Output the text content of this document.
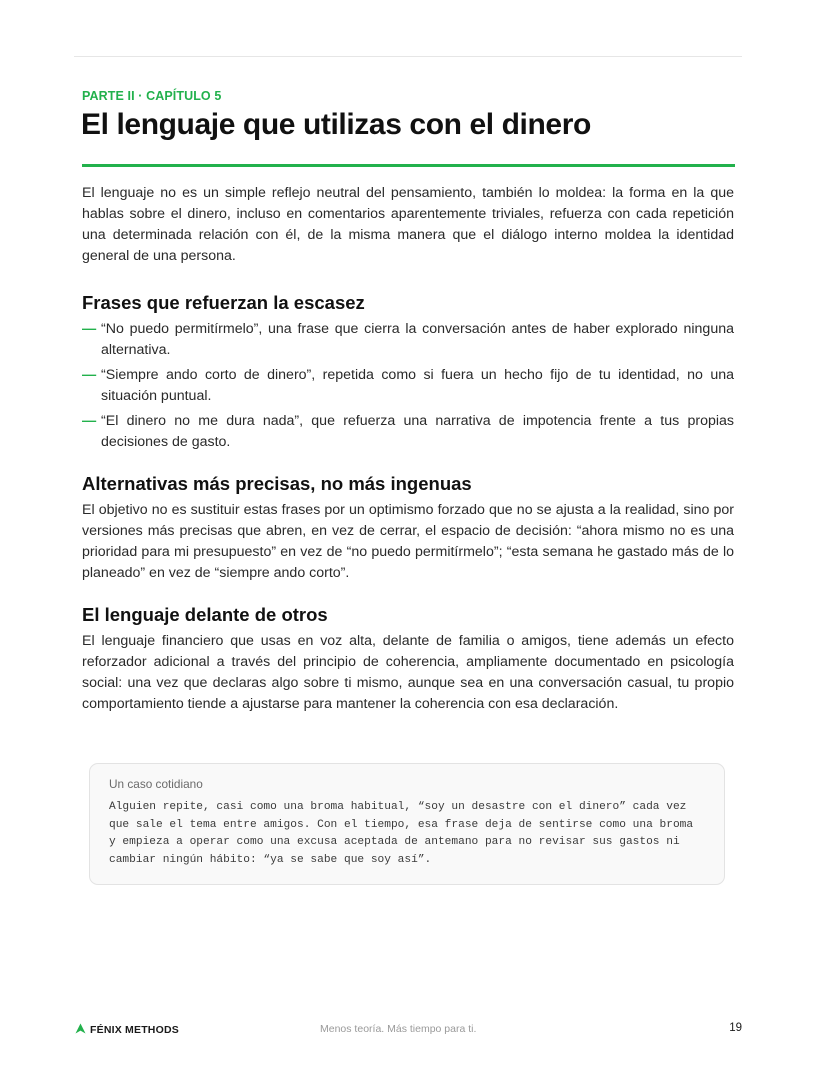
PARTE II · CAPÍTULO 5
El lenguaje que utilizas con el dinero

El lenguaje no es un simple reflejo neutral del pensamiento, también lo moldea: la forma en la que hablas sobre el dinero, incluso en comentarios aparentemente triviales, refuerza con cada repetición una determinada relación con él, de la misma manera que el diálogo interno moldea la identidad general de una persona.

Frases que refuerzan la escasez
— “No puedo permitírmelo”, una frase que cierra la conversación antes de haber explorado ninguna alternativa.
— “Siempre ando corto de dinero”, repetida como si fuera un hecho fijo de tu identidad, no una situación puntual.
— “El dinero no me dura nada”, que refuerza una narrativa de impotencia frente a tus propias decisiones de gasto.
Alternativas más precisas, no más ingenuas

El objetivo no es sustituir estas frases por un optimismo forzado que no se ajusta a la realidad, sino por versiones más precisas que abren, en vez de cerrar, el espacio de decisión: “ahora mismo no es una prioridad para mi presupuesto” en vez de “no puedo permitírmelo”; “esta semana he gastado más de lo planeado” en vez de “siempre ando corto”.

El lenguaje delante de otros

El lenguaje financiero que usas en voz alta, delante de familia o amigos, tiene además un efecto reforzador adicional a través del principio de coherencia, ampliamente documentado en psicología social: una vez que declaras algo sobre ti mismo, aunque sea en una conversación casual, tu propio comportamiento tiende a ajustarse para mantener la coherencia con esa declaración.

Un caso cotidiano

Alguien repite, casi como una broma habitual, “soy un desastre con el dinero” cada vez que sale el tema entre amigos. Con el tiempo, esa frase deja de sentirse como una broma y empieza a operar como una excusa aceptada de antemano para no revisar sus gastos ni cambiar ningún hábito: “ya se sabe que soy así”.

FÉNIX METHODS	Menos teoría. Más tiempo para ti.	19
